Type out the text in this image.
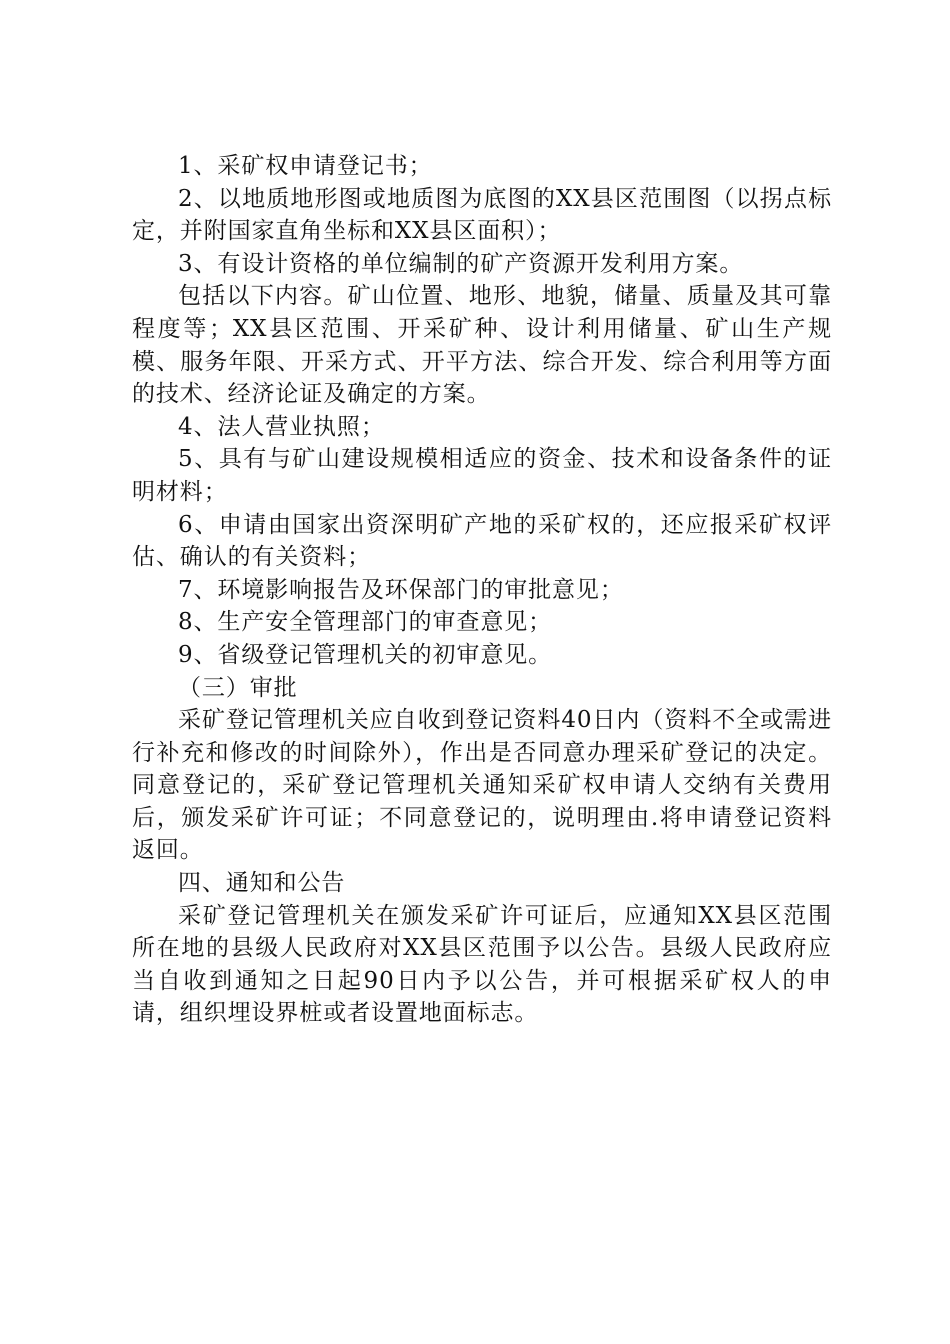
1、采矿权申请登记书；

2、以地质地形图或地质图为底图的XX县区范围图（以拐点标定，并附国家直角坐标和XX县区面积）；

3、有设计资格的单位编制的矿产资源开发利用方案。

包括以下内容。矿山位置、地形、地貌，储量、质量及其可靠程度等；XX县区范围、开采矿种、设计利用储量、矿山生产规模、服务年限、开采方式、开平方法、综合开发、综合利用等方面的技术、经济论证及确定的方案。

4、法人营业执照；

5、具有与矿山建设规模相适应的资金、技术和设备条件的证明材料；

6、申请由国家出资深明矿产地的采矿权的，还应报采矿权评估、确认的有关资料；

7、环境影响报告及环保部门的审批意见；

8、生产安全管理部门的审查意见；

9、省级登记管理机关的初审意见。

（三）审批

采矿登记管理机关应自收到登记资料40日内（资料不全或需进行补充和修改的时间除外），作出是否同意办理采矿登记的决定。同意登记的，采矿登记管理机关通知采矿权申请人交纳有关费用后，颁发采矿许可证；不同意登记的，说明理由.将申请登记资料返回。

四、通知和公告

采矿登记管理机关在颁发采矿许可证后，应通知XX县区范围所在地的县级人民政府对XX县区范围予以公告。县级人民政府应当自收到通知之日起90日内予以公告，并可根据采矿权人的申请，组织埋设界桩或者设置地面标志。
